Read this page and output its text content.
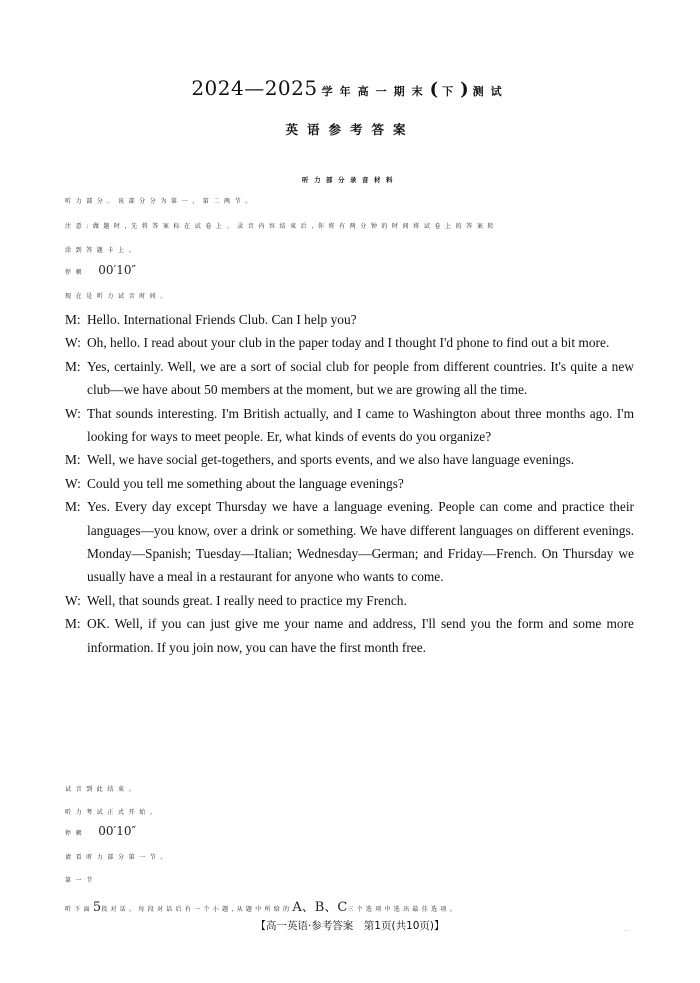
2024—2025 学年高一期末( 下) 测试
英语参考答案
听力部分录音材料
听力部分。该部分分为第一、第二两节。
注意:做题时,先将答案标在试卷上。录音内容结束后,你将有两分钟的时间将试卷上的答案转
涂到答题卡上。
停顿 00′10″
现在是听力试音时间。

M: Hello. International Friends Club. Can I help you?

W: Oh, hello. I read about your club in the paper today and I thought I'd phone to find out a bit more.

M: Yes, certainly. Well, we are a sort of social club for people from different countries. It's quite a new club—we have about 50 members at the moment, but we are growing all the time.

W: That sounds interesting. I'm British actually, and I came to Washington about three months ago. I'm looking for ways to meet people. Er, what kinds of events do you organize?

M: Well, we have social get-togethers, and sports events, and we also have language evenings.

W: Could you tell me something about the language evenings?

M: Yes. Every day except Thursday we have a language evening. People can come and practice their languages—you know, over a drink or something. We have different languages on different evenings. Monday—Spanish; Tuesday—Italian; Wednesday—German; and Friday—French. On Thursday we usually have a meal in a restaurant for anyone who wants to come.

W: Well, that sounds great. I really need to practice my French.

M: OK. Well, if you can just give me your name and address, I'll send you the form and some more information. If you join now, you can have the first month free.

试音到此结束。
听力考试正式开始。
停顿 00′10″
请看听力部分第一节。
第一节
听下面5段对话。每段对话后有一个小题,从题中所给的A、B、C三个选项中选出最佳选项。
【高一英语·参考答案　第1页(共10页)】	…
